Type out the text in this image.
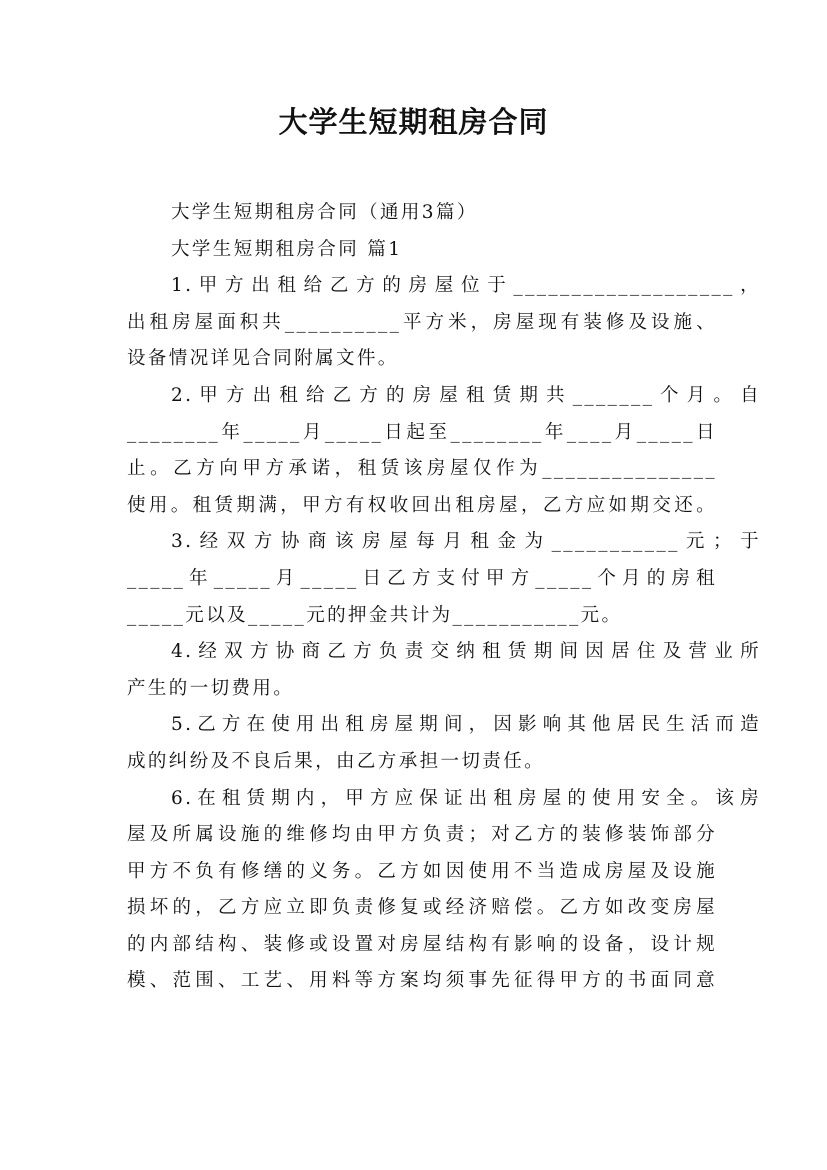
大学生短期租房合同
大学生短期租房合同（通用3篇）
大学生短期租房合同 篇1
1.甲方出租给乙方的房屋位于___________________，
出租房屋面积共__________平方米，房屋现有装修及设施、
设备情况详见合同附属文件。
2.甲方出租给乙方的房屋租赁期共_______个月。自
________年_____月_____日起至________年____月_____日
止。乙方向甲方承诺，租赁该房屋仅作为_______________
使用。租赁期满，甲方有权收回出租房屋，乙方应如期交还。
3.经双方协商该房屋每月租金为___________元；于
_____年_____月_____日乙方支付甲方_____个月的房租
_____元以及_____元的押金共计为___________元。
4.经双方协商乙方负责交纳租赁期间因居住及营业所
产生的一切费用。
5.乙方在使用出租房屋期间，因影响其他居民生活而造
成的纠纷及不良后果，由乙方承担一切责任。
6.在租赁期内，甲方应保证出租房屋的使用安全。该房
屋及所属设施的维修均由甲方负责；对乙方的装修装饰部分
甲方不负有修缮的义务。乙方如因使用不当造成房屋及设施
损坏的，乙方应立即负责修复或经济赔偿。乙方如改变房屋
的内部结构、装修或设置对房屋结构有影响的设备，设计规
模、范围、工艺、用料等方案均须事先征得甲方的书面同意
